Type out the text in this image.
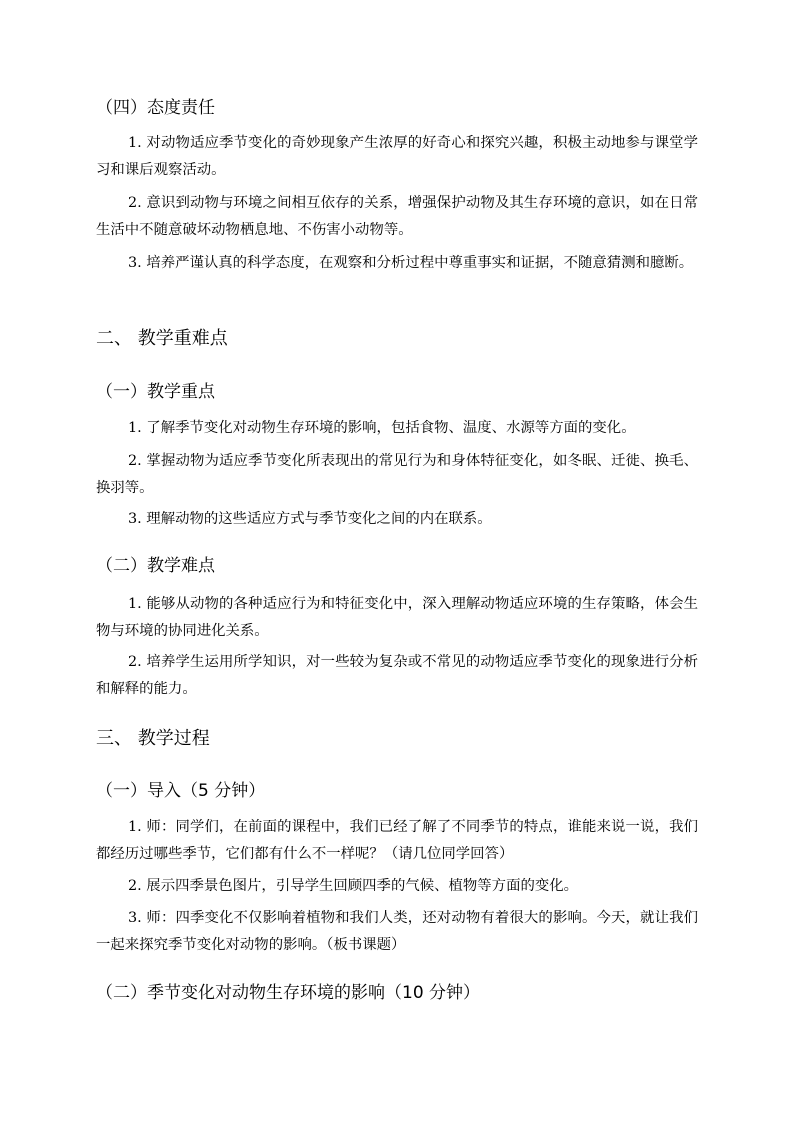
（四）态度责任

1. 对动物适应季节变化的奇妙现象产生浓厚的好奇心和探究兴趣，积极主动地参与课堂学习和课后观察活动。

2. 意识到动物与环境之间相互依存的关系，增强保护动物及其生存环境的意识，如在日常生活中不随意破坏动物栖息地、不伤害小动物等。

3. 培养严谨认真的科学态度，在观察和分析过程中尊重事实和证据，不随意猜测和臆断。

二、 教学重难点
（一）教学重点

1. 了解季节变化对动物生存环境的影响，包括食物、温度、水源等方面的变化。

2. 掌握动物为适应季节变化所表现出的常见行为和身体特征变化，如冬眠、迁徙、换毛、换羽等。

3. 理解动物的这些适应方式与季节变化之间的内在联系。

（二）教学难点

1. 能够从动物的各种适应行为和特征变化中，深入理解动物适应环境的生存策略，体会生物与环境的协同进化关系。

2. 培养学生运用所学知识，对一些较为复杂或不常见的动物适应季节变化的现象进行分析和解释的能力。

三、 教学过程
（一）导入（5 分钟）

1. 师：同学们，在前面的课程中，我们已经了解了不同季节的特点，谁能来说一说，我们都经历过哪些季节，它们都有什么不一样呢？（请几位同学回答）

2. 展示四季景色图片，引导学生回顾四季的气候、植物等方面的变化。

3. 师：四季变化不仅影响着植物和我们人类，还对动物有着很大的影响。今天，就让我们一起来探究季节变化对动物的影响。（板书课题）

（二）季节变化对动物生存环境的影响（10 分钟）
